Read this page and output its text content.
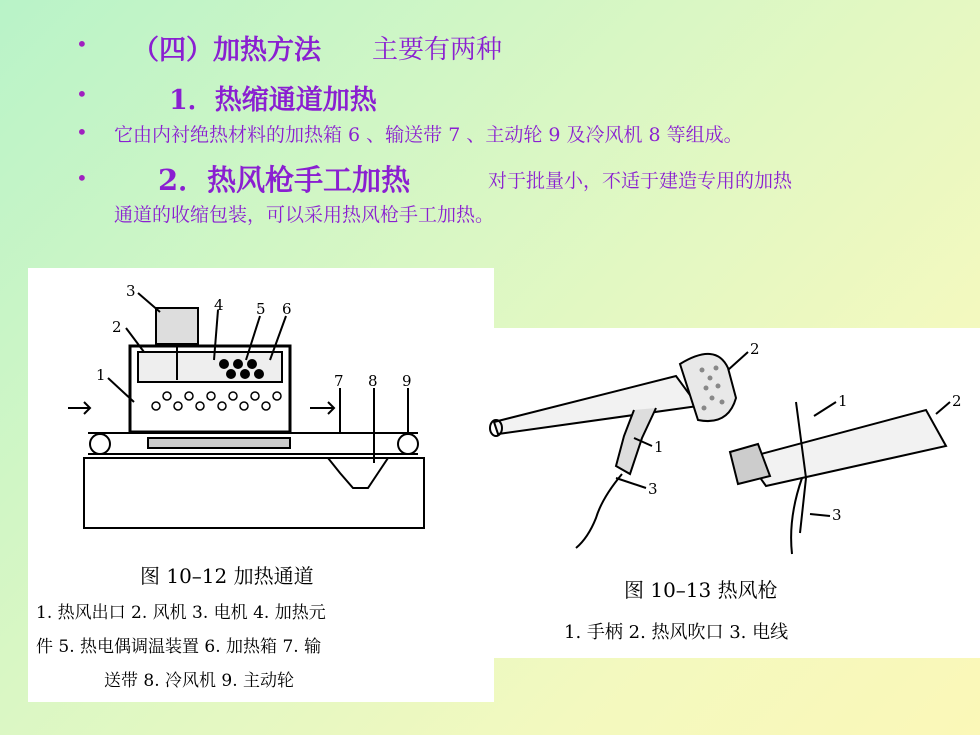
• （四）加热方法 主要有两种
•	1．热缩通道加热
• 它由内衬绝热材料的加热箱 6 、输送带 7 、主动轮 9 及冷风机 8 等组成。
• 2．热风枪手工加热	对于批量小，不适于建造专用的加热
通道的收缩包装，可以采用热风枪手工加热。
3
2
1
4 5 6
7 8 9
图 10–12 加热通道
1. 热风出口 2. 风机 3. 电机 4. 加热元
件 5. 热电偶调温装置 6. 加热箱 7. 输
送带 8. 冷风机 9. 主动轮
2
1
3
1	2
3
图 10–13 热风枪
1. 手柄 2. 热风吹口 3. 电线
